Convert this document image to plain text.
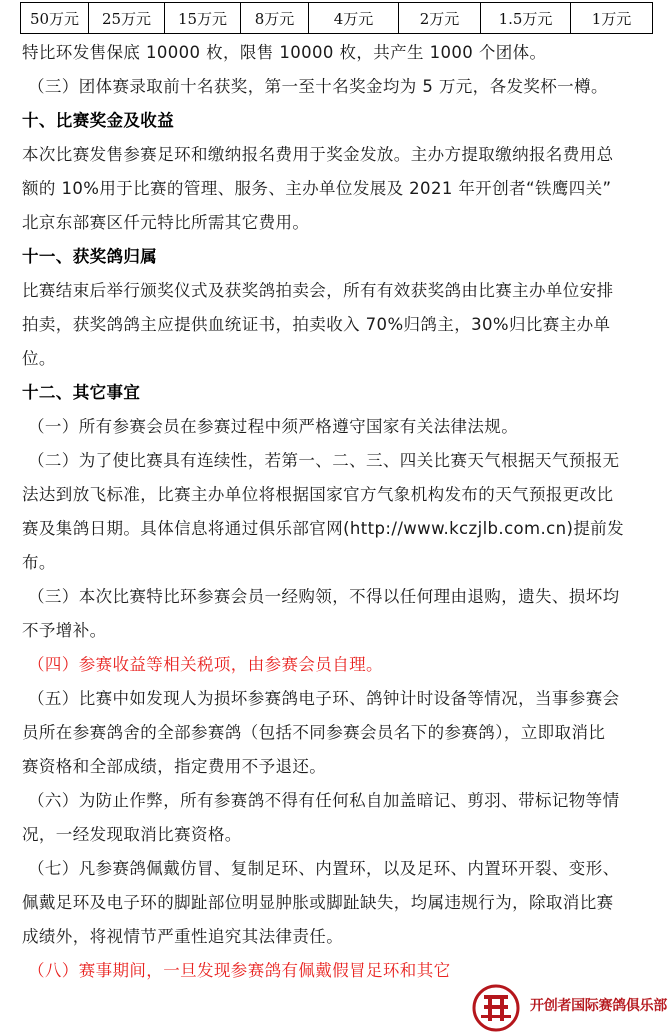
50万元	25万元	15万元	8万元	4万元	2万元	1.5万元	1万元
特比环发售保底 10000 枚，限售 10000 枚，共产生 1000 个团体。
（三）团体赛录取前十名获奖，第一至十名奖金均为 5 万元，各发奖杯一樽。
十、比赛奖金及收益
本次比赛发售参赛足环和缴纳报名费用于奖金发放。主办方提取缴纳报名费用总
额的 10%用于比赛的管理、服务、主办单位发展及 2021 年开创者“铁鹰四关”
北京东部赛区仟元特比所需其它费用。
十一、获奖鸽归属
比赛结束后举行颁奖仪式及获奖鸽拍卖会，所有有效获奖鸽由比赛主办单位安排
拍卖，获奖鸽鸽主应提供血统证书，拍卖收入 70%归鸽主，30%归比赛主办单
位。
十二、其它事宜
（一）所有参赛会员在参赛过程中须严格遵守国家有关法律法规。
（二）为了使比赛具有连续性，若第一、二、三、四关比赛天气根据天气预报无
法达到放飞标准，比赛主办单位将根据国家官方气象机构发布的天气预报更改比
赛及集鸽日期。具体信息将通过俱乐部官网(http://www.kczjlb.com.cn)提前发
布。
（三）本次比赛特比环参赛会员一经购领，不得以任何理由退购，遗失、损坏均
不予增补。
（四）参赛收益等相关税项，由参赛会员自理。
（五）比赛中如发现人为损坏参赛鸽电子环、鸽钟计时设备等情况，当事参赛会
员所在参赛鸽舍的全部参赛鸽（包括不同参赛会员名下的参赛鸽），立即取消比
赛资格和全部成绩，指定费用不予退还。
（六）为防止作弊，所有参赛鸽不得有任何私自加盖暗记、剪羽、带标记物等情
况，一经发现取消比赛资格。
（七）凡参赛鸽佩戴仿冒、复制足环、内置环，以及足环、内置环开裂、变形、
佩戴足环及电子环的脚趾部位明显肿胀或脚趾缺失，均属违规行为，除取消比赛
成绩外，将视情节严重性追究其法律责任。
（八）赛事期间，一旦发现参赛鸽有佩戴假冒足环和其它
开创者国际赛鸽俱乐部
